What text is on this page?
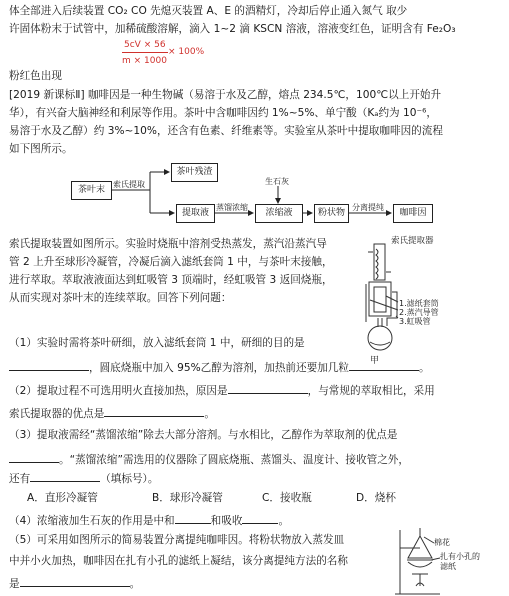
体全部进入后续装置 CO₂ CO 先熄灭装置 A、E 的酒精灯，冷却后停止通入氮气 取少
许固体粉末于试管中，加稀硫酸溶解，滴入 1~2 滴 KSCN 溶液，溶液变红色，证明含有 Fe₂O₃
5cV × 56
× 100%
m × 1000
粉红色出现
[2019 新课标Ⅱ] 咖啡因是一种生物碱（易溶于水及乙醇，熔点 234.5℃，100℃以上开始升
华），有兴奋大脑神经和利尿等作用。茶叶中含咖啡因约 1%~5%、单宁酸（Kₐ约为 10⁻⁶，
易溶于水及乙醇）约 3%~10%，还含有色素、纤维素等。实验室从茶叶中提取咖啡因的流程
如下图所示。
茶叶末
索氏提取
茶叶残渣
提取液
蒸馏浓缩
生石灰
浓缩液	粉状物
分离提纯
咖啡因
索氏提取装置如图所示。实验时烧瓶中溶剂受热蒸发，蒸汽沿蒸汽导
管 2 上升至球形冷凝管，冷凝后滴入滤纸套筒 1 中，与茶叶末接触，
进行萃取。萃取液液面达到虹吸管 3 顶端时，经虹吸管 3 返回烧瓶，
从而实现对茶叶末的连续萃取。回答下列问题：
索氏提取器
1.滤纸套筒
2.蒸汽导管
3.虹吸管
甲
（1）实验时需将茶叶研细，放入滤纸套筒 1 中，研细的目的是
，圆底烧瓶中加入 95%乙醇为溶剂，加热前还要加几粒	。
（2）提取过程不可选用明火直接加热，原因是	，与常规的萃取相比，采用
索氏提取器的优点是	。
（3）提取液需经“蒸馏浓缩”除去大部分溶剂。与水相比，乙醇作为萃取剂的优点是
。“蒸馏浓缩”需选用的仪器除了圆底烧瓶、蒸馏头、温度计、接收管之外，
还有	（填标号）。
A．直形冷凝管	B．球形冷凝管	C．接收瓶	D．烧杯
（4）浓缩液加生石灰的作用是中和	和吸收	。
（5）可采用如图所示的简易装置分离提纯咖啡因。将粉状物放入蒸发皿
中并小火加热，咖啡因在扎有小孔的滤纸上凝结，该分离提纯方法的名称
是	。
棉花
扎有小孔的滤纸
